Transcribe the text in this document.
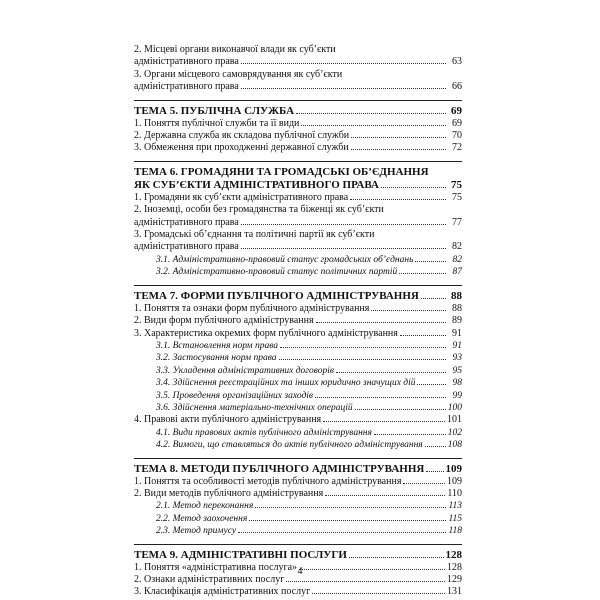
2. Місцеві органи виконавчої влади як суб’єкти
адміністративного права	63
3. Органи місцевого самоврядування як суб’єкти
адміністративного права	66
ТЕМА 5. ПУБЛІЧНА СЛУЖБА	69
1. Поняття публічної служби та її види	69
2. Державна служба як складова публічної служби	70
3. Обмеження при проходженні державної служби	72
ТЕМА 6. ГРОМАДЯНИ ТА ГРОМАДСЬКІ ОБ’ЄДНАННЯ
ЯК СУБ’ЄКТИ АДМІНІСТРАТИВНОГО ПРАВА	75
1. Громадяни як суб’єкти адміністративного права	75
2. Іноземці, особи без громадянства та біженці як суб’єкти
адміністративного права	77
3. Громадські об’єднання та політичні партії як суб’єкти
адміністративного права	82
3.1. Адміністративно-правовий статус громадських об’єднань	82
3.2. Адміністративно-правовий статус політичних партій	87
ТЕМА 7. ФОРМИ ПУБЛІЧНОГО АДМІНІСТРУВАННЯ	88
1. Поняття та ознаки форм публічного адміністрування	88
2. Види форм публічного адміністрування	89
3. Характеристика окремих форм публічного адміністрування	91
3.1. Встановлення норм права	91
3.2. Застосування норм права	93
3.3. Укладення адміністративних договорів	95
3.4. Здійснення реєстраційних та інших юридично значущих дій	98
3.5. Проведення організаційних заходів	99
3.6. Здійснення матеріально-технічних операцій	100
4. Правові акти публічного адміністрування	101
4.1. Види правових актів публічного адміністрування	102
4.2. Вимоги, що ставляться до актів публічного адміністрування	108
ТЕМА 8. МЕТОДИ ПУБЛІЧНОГО АДМІНІСТРУВАННЯ 109
1. Поняття та особливості методів публічного адміністрування	109
2. Види методів публічного адміністрування	110
2.1. Метод переконання	113
2.2. Метод заохочення	115
2.3. Метод примусу	118
ТЕМА 9. АДМІНІСТРАТИВНІ ПОСЛУГИ	128
1. Поняття «адміністративна послуга»	128
2. Ознаки адміністративних послуг	129
3. Класифікація адміністративних послуг	131
4
